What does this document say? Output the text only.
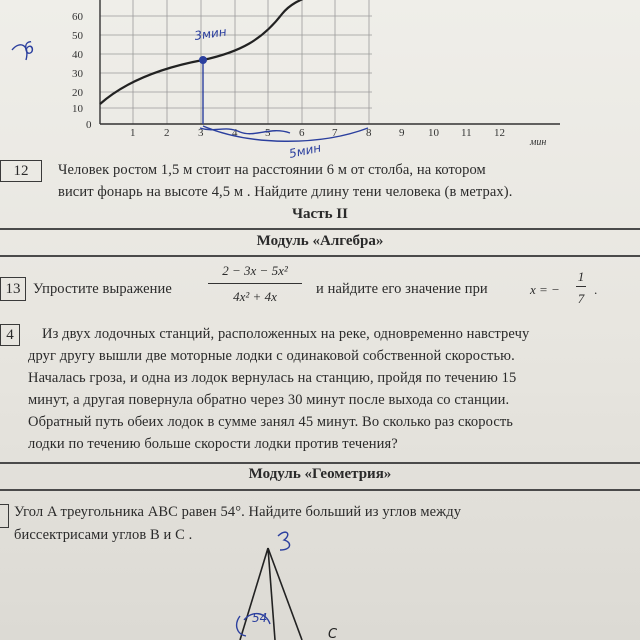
60
50
40
30
20
10
0
1	2	3	4	5	6	7	8	9 10 11 12
мин
3мин
5мин
6
12 Человек ростом 1,5 м стоит на расстоянии 6 м от столба, на котором
висит фонарь на высоте 4,5 м . Найдите длину тени человека (в метрах).
Часть II
Модуль «Алгебра»
13 Упростите выражение
2 − 3x − 5x²
4x² + 4x	и найдите его значение при	x = −
1
7
.
4 Из двух лодочных станций, расположенных на реке, одновременно навстречу
друг другу вышли две моторные лодки с одинаковой собственной скоростью.
Началась гроза, и одна из лодок вернулась на станцию, пройдя по течению 15
минут, а другая повернула обратно через 30 минут после выхода со станции.
Обратный путь обеих лодок в сумме занял 45 минут. Во сколько раз скорость
лодки по течению больше скорости лодки против течения?
Модуль «Геометрия»
Угол A треугольника ABC равен 54°. Найдите больший из углов между
биссектрисами углов B и C .
54
C
